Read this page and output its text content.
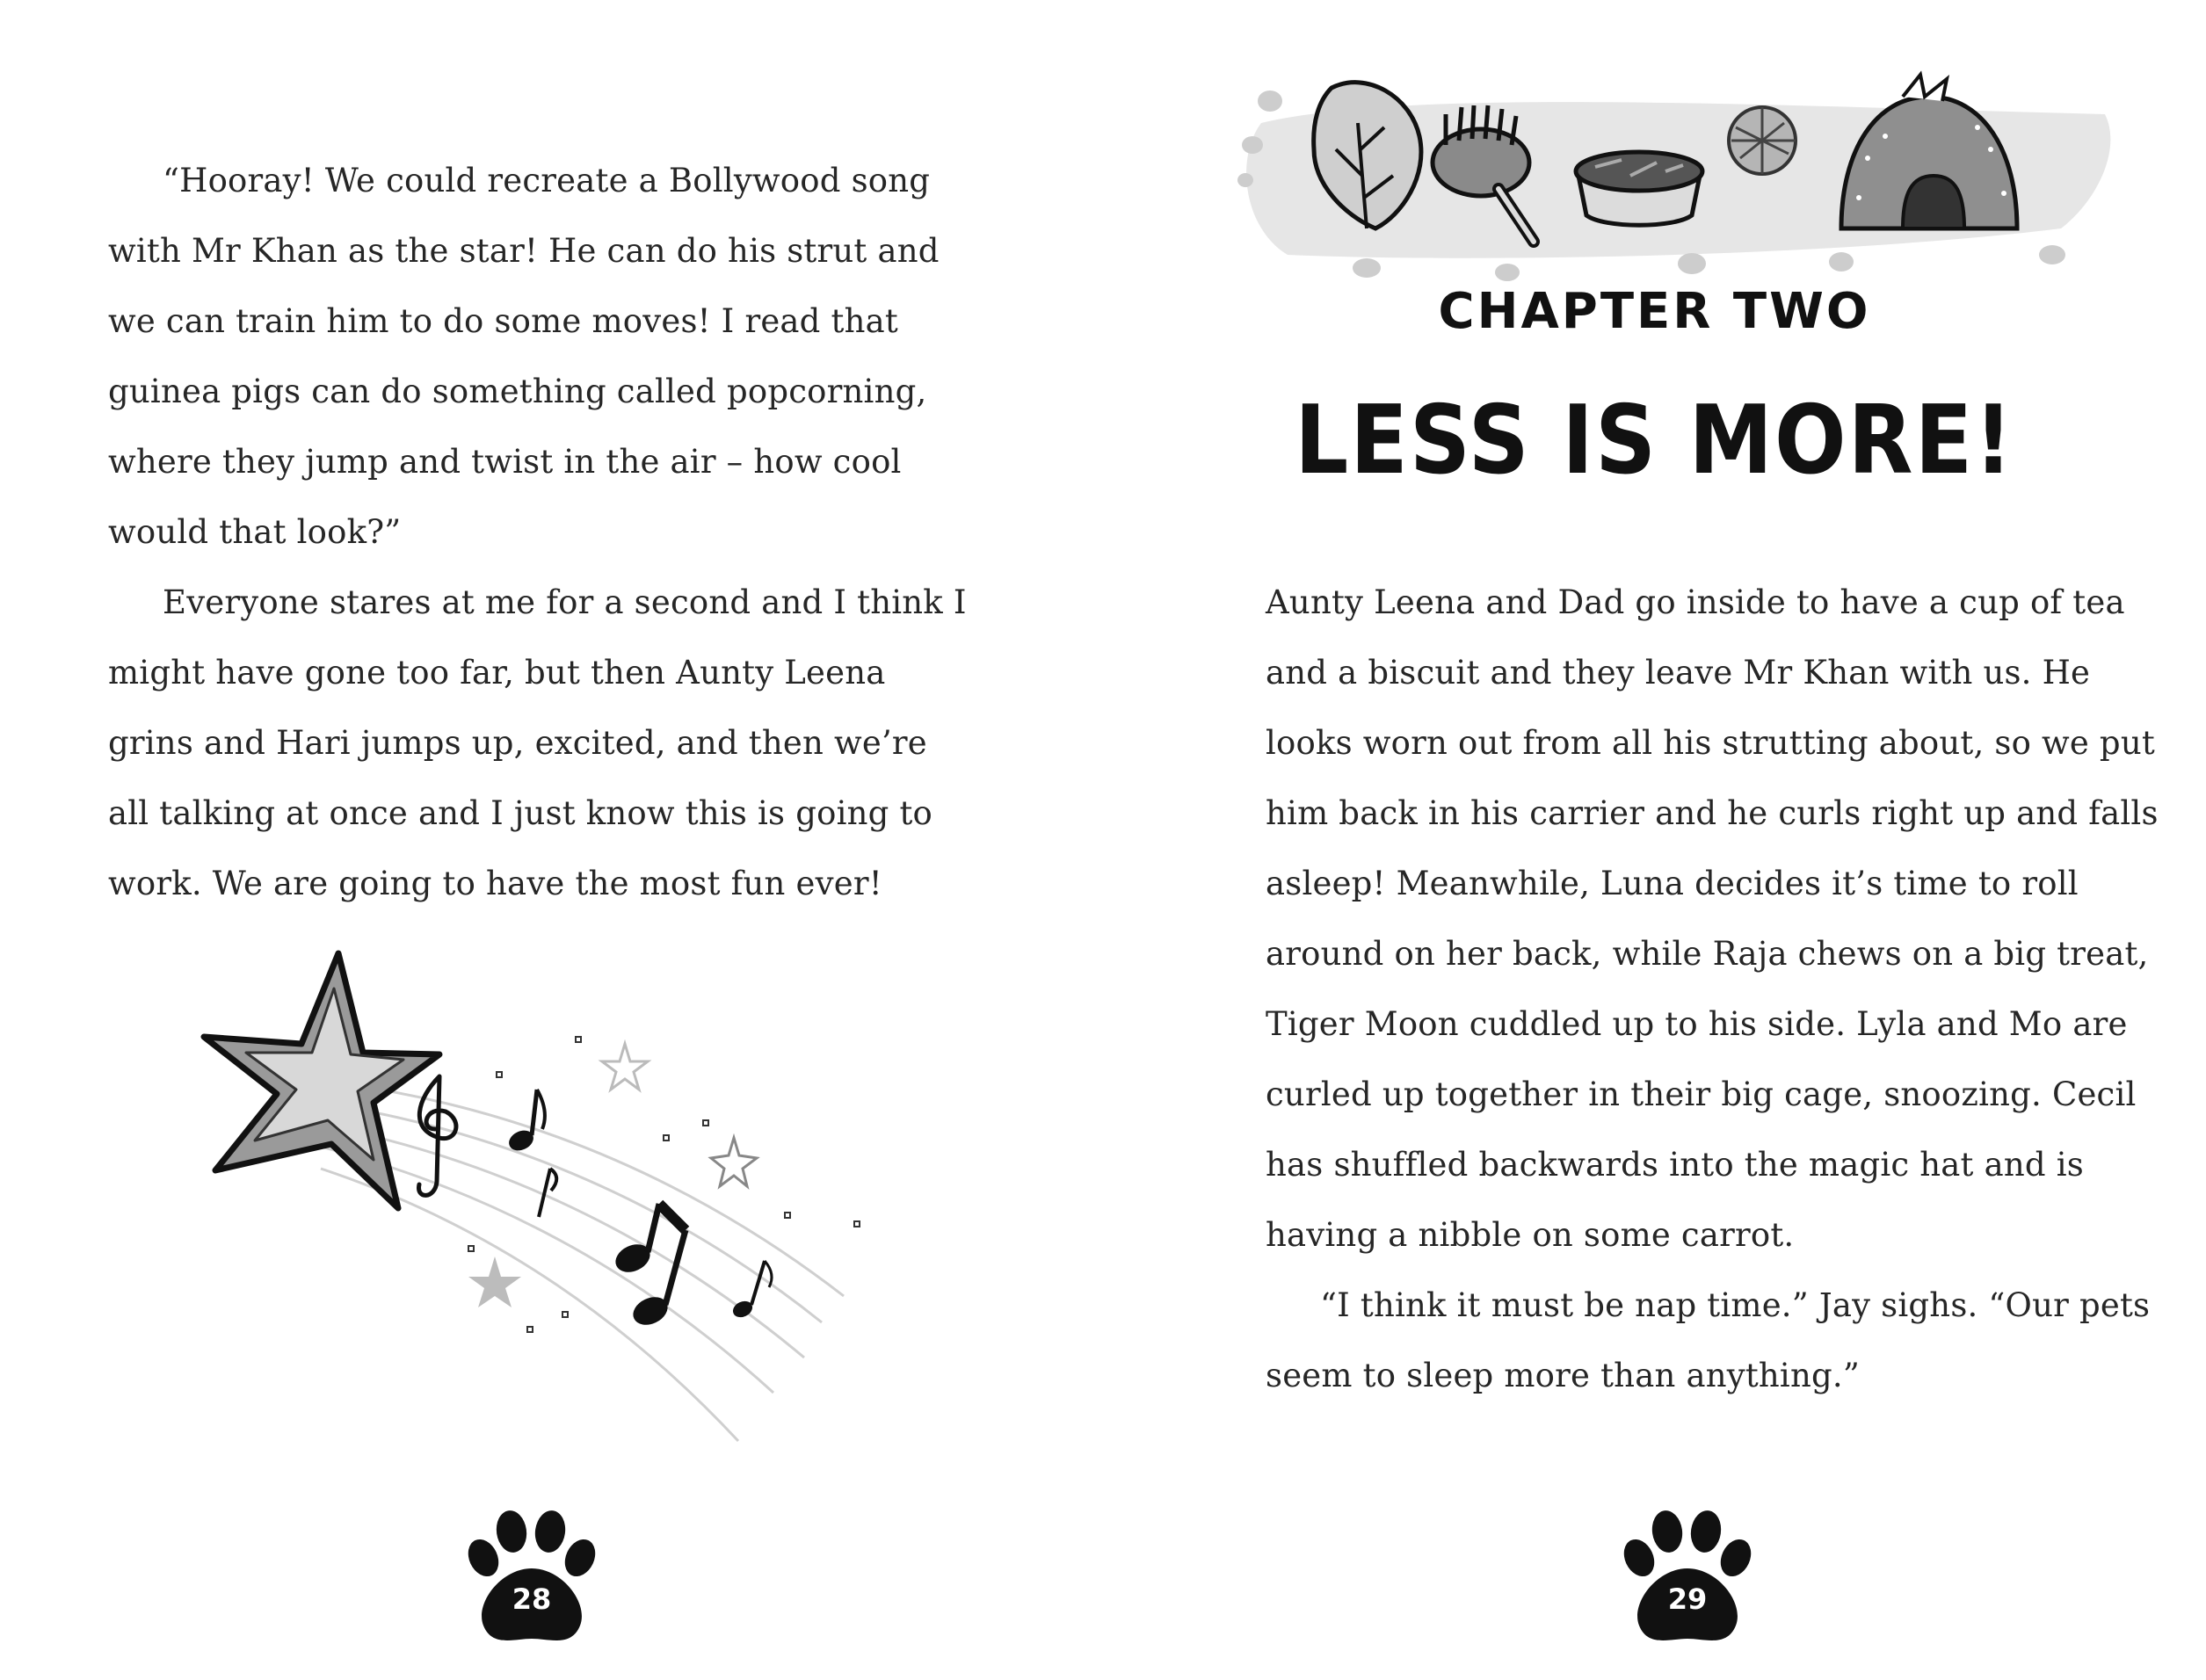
“Hooray! We could recreate a Bollywood song with Mr Khan as the star! He can do his strut and we can train him to do some moves! I read that guinea pigs can do something called popcorning, where they jump and twist in the air – how cool would that look?”

Everyone stares at me for a second and I think I might have gone too far, but then Aunty Leena grins and Hari jumps up, excited, and then we’re all talking at once and I just know this is going to work. We are going to have the most fun ever!

28
CHAPTER TWO
LESS IS MORE!

Aunty Leena and Dad go inside to have a cup of tea and a biscuit and they leave Mr Khan with us. He looks worn out from all his strutting about, so we put him back in his carrier and he curls right up and falls asleep! Meanwhile, Luna decides it’s time to roll around on her back, while Raja chews on a big treat, Tiger Moon cuddled up to his side. Lyla and Mo are curled up together in their big cage, snoozing. Cecil has shuffled backwards into the magic hat and is having a nibble on some carrot.

“I think it must be nap time.” Jay sighs. “Our pets seem to sleep more than anything.”

29
